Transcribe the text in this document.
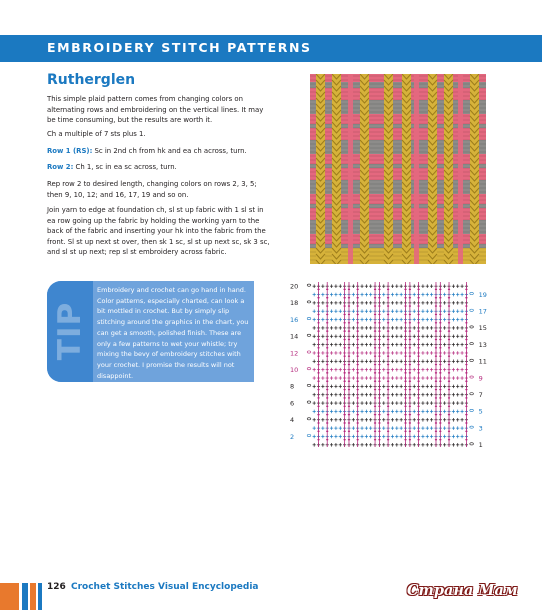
EMBROIDERY STITCH PATTERNS
Rutherglen

This simple plaid pattern comes from changing colors on alternating rows and embroidering on the vertical lines. It may be time consuming, but the results are worth it.

Ch a multiple of 7 sts plus 1.

Row 1 (RS): Sc in 2nd ch from hk and ea ch across, turn.

Row 2: Ch 1, sc in ea sc across, turn.

Rep row 2 to desired length, changing colors on rows 2, 3, 5; then 9, 10, 12; and 16, 17, 19 and so on.

Join yarn to edge at foundation ch, sl st up fabric with 1 sl st in ea row going up the fabric by holding the working yarn to the back of the fabric and inserting your hk into the fabric from the front. Sl st up next st over, then sk 1 sc, sl st up next sc, sk 3 sc, and sl st up next; rep sl st embroidery across fabric.

TIP

Embroidery and crochet can go hand in hand. Color patterns, especially charted, can look a bit mottled in crochet. But by simply slip stitching around the graphics in the chart, you can get a smooth, polished finish. These are only a few patterns to wet your whistle; try mixing the bevy of embroidery stitches with your crochet. I promise the results will not disappoint.

20
18
16
14
12
10
8
6
4
2
19
17
15
13
11
9
7
5
3
1
126 Crochet Stitches Visual Encyclopedia	Страна Мам
